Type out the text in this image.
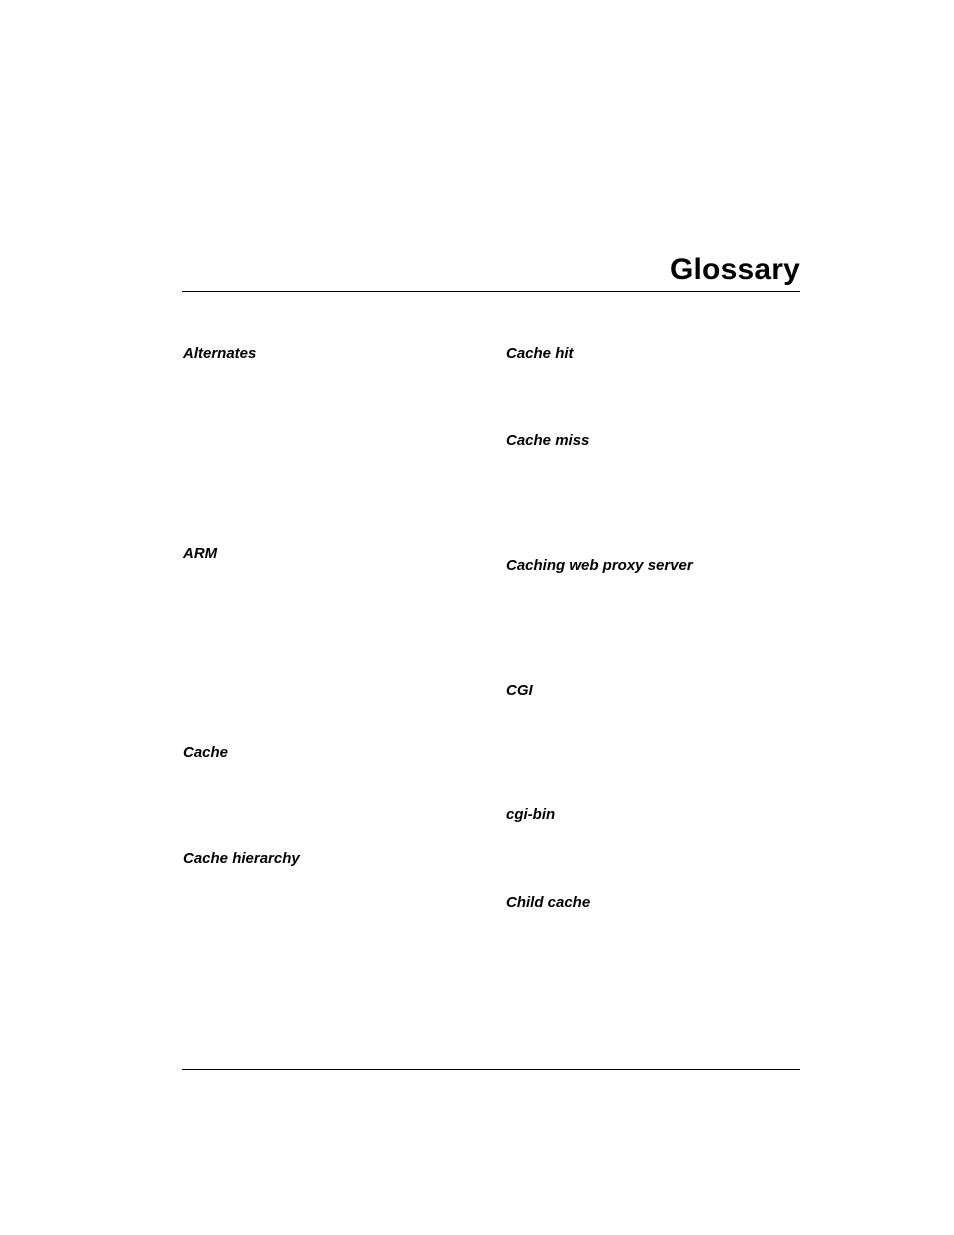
Glossary
Alternates
ARM
Cache
Cache hierarchy
Cache hit
Cache miss
Caching web proxy server
CGI
cgi-bin
Child cache
